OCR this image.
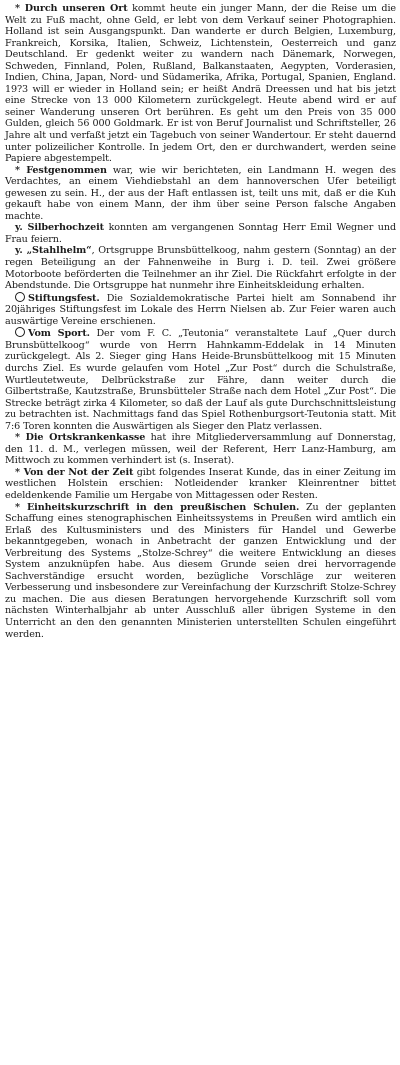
* Durch unseren Ort kommt heute ein junger Mann, der die Reise um die Welt zu Fuß macht, ohne Geld, er lebt von dem Verkauf seiner Photographien. Holland ist sein Ausgangspunkt. Dan wanderte er durch Belgien, Luxemburg, Frankreich, Korsika, Italien, Schweiz, Lichtenstein, Oesterreich und ganz Deutschland. Er gedenkt weiter zu wandern nach Dänemark, Norwegen, Schweden, Finnland, Polen, Rußland, Balkanstaaten, Aegypten, Vorderasien, Indien, China, Japan, Nord- und Südamerika, Afrika, Portugal, Spanien, England. 19?3 will er wieder in Holland sein; er heißt Andrä Dreessen und hat bis jetzt eine Strecke von 13 000 Kilometern zurückgelegt. Heute abend wird er auf seiner Wanderung unseren Ort berühren. Es geht um den Preis von 35 000 Gulden, gleich 56 000 Goldmark. Er ist von Beruf Journalist und Schriftsteller, 26 Jahre alt und verfaßt jetzt ein Tagebuch von seiner Wandertour. Er steht dauernd unter polizeilicher Kontrolle. In jedem Ort, den er durchwandert, werden seine Papiere abgestempelt.

* Festgenommen war, wie wir berichteten, ein Landmann H. wegen des Verdachtes, an einem Viehdiebstahl an dem hannoverschen Ufer beteiligt gewesen zu sein. H., der aus der Haft entlassen ist, teilt uns mit, daß er die Kuh gekauft habe von einem Mann, der ihm über seine Person falsche Angaben machte.

y. Silberhochzeit konnten am vergangenen Sonntag Herr Emil Wegner und Frau feiern.

y. „Stahlhelm“, Ortsgruppe Brunsbüttelkoog, nahm gestern (Sonntag) an der regen Beteiligung an der Fahnenweihe in Burg i. D. teil. Zwei größere Motorboote beförderten die Teilnehmer an ihr Ziel. Die Rückfahrt erfolgte in der Abendstunde. Die Ortsgruppe hat nunmehr ihre Einheitskleidung erhalten.

Stiftungsfest. Die Sozialdemokratische Partei hielt am Sonnabend ihr 20jähriges Stiftungsfest im Lokale des Herrn Nielsen ab. Zur Feier waren auch auswärtige Vereine erschienen.

Vom Sport. Der vom F. C. „Teutonia“ veranstaltete Lauf „Quer durch Brunsbüttelkoog“ wurde von Herrn Hahnkamm-Eddelak in 14 Minuten zurückgelegt. Als 2. Sieger ging Hans Heide-Brunsbüttelkoog mit 15 Minuten durchs Ziel. Es wurde gelaufen vom Hotel „Zur Post“ durch die Schulstraße, Wurtleutetweute, Delbrückstraße zur Fähre, dann weiter durch die Gilbertstraße, Kautzstraße, Brunsbütteler Straße nach dem Hotel „Zur Post“. Die Strecke beträgt zirka 4 Kilometer, so daß der Lauf als gute Durchschnittsleistung zu betrachten ist. Nachmittags fand das Spiel Rothenburgsort-Teutonia statt. Mit 7:6 Toren konnten die Auswärtigen als Sieger den Platz verlassen.

* Die Ortskrankenkasse hat ihre Mitgliederversammlung auf Donnerstag, den 11. d. M., verlegen müssen, weil der Referent, Herr Lanz-Hamburg, am Mittwoch zu kommen verhindert ist (s. Inserat).

* Von der Not der Zeit gibt folgendes Inserat Kunde, das in einer Zeitung im westlichen Holstein erschien: Notleidender kranker Kleinrentner bittet edeldenkende Familie um Hergabe von Mittagessen oder Resten.

* Einheitskurzschrift in den preußischen Schulen. Zu der geplanten Schaffung eines stenographischen Einheitssystems in Preußen wird amtlich ein Erlaß des Kultusministers und des Ministers für Handel und Gewerbe bekanntgegeben, wonach in Anbetracht der ganzen Entwicklung und der Verbreitung des Systems „Stolze-Schrey“ die weitere Entwicklung an dieses System anzuknüpfen habe. Aus diesem Grunde seien drei hervorragende Sachverständige ersucht worden, bezügliche Vorschläge zur weiteren Verbesserung und insbesondere zur Vereinfachung der Kurzschrift Stolze-Schrey zu machen. Die aus diesen Beratungen hervorgehende Kurzschrift soll vom nächsten Winterhalbjahr ab unter Ausschluß aller übrigen Systeme in den Unterricht an den den genannten Ministerien unterstellten Schulen eingeführt werden.
